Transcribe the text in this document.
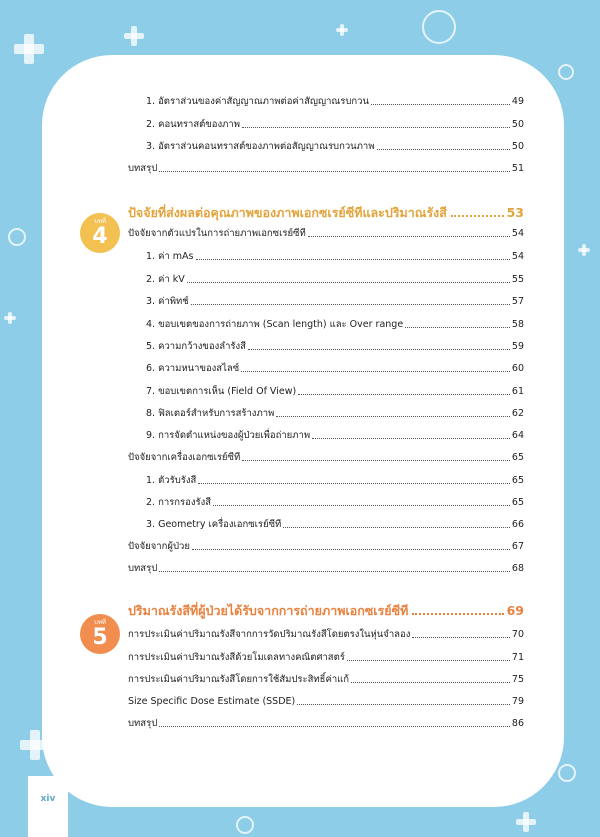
1. อัตราส่วนของค่าสัญญาณภาพต่อค่าสัญญาณรบกวน	49
2. คอนทราสต์ของภาพ	50
3. อัตราส่วนคอนทราสต์ของภาพต่อสัญญาณรบกวนภาพ	50
บทสรุป	51
บทที่
4
ปัจจัยที่ส่งผลต่อคุณภาพของภาพเอกซเรย์ซีทีและปริมาณรังสี	53
ปัจจัยจากตัวแปรในการถ่ายภาพเอกซเรย์ซีที	54
1. ค่า mAs	54
2. ค่า kV	55
3. ค่าพิทช์	57
4. ขอบเขตของการถ่ายภาพ (Scan length) และ Over range	58
5. ความกว้างของลำรังสี	59
6. ความหนาของสไลซ์	60
7. ขอบเขตการเห็น (Field Of View)	61
8. ฟิลเตอร์สำหรับการสร้างภาพ	62
9. การจัดตำแหน่งของผู้ป่วยเพื่อถ่ายภาพ	64
ปัจจัยจากเครื่องเอกซเรย์ซีที	65
1. ตัวรับรังสี	65
2. การกรองรังสี	65
3. Geometry เครื่องเอกซเรย์ซีที	66
ปัจจัยจากผู้ป่วย	67
บทสรุป	68
บทที่
5
ปริมาณรังสีที่ผู้ป่วยได้รับจากการถ่ายภาพเอกซเรย์ซีที	69
การประเมินค่าปริมาณรังสีจากการวัดปริมาณรังสีโดยตรงในหุ่นจำลอง	70
การประเมินค่าปริมาณรังสีด้วยโมเดลทางคณิตศาสตร์	71
การประเมินค่าปริมาณรังสีโดยการใช้สัมประสิทธิ์ค่าแก้	75
Size Specific Dose Estimate (SSDE)	79
บทสรุป	86
xiv
